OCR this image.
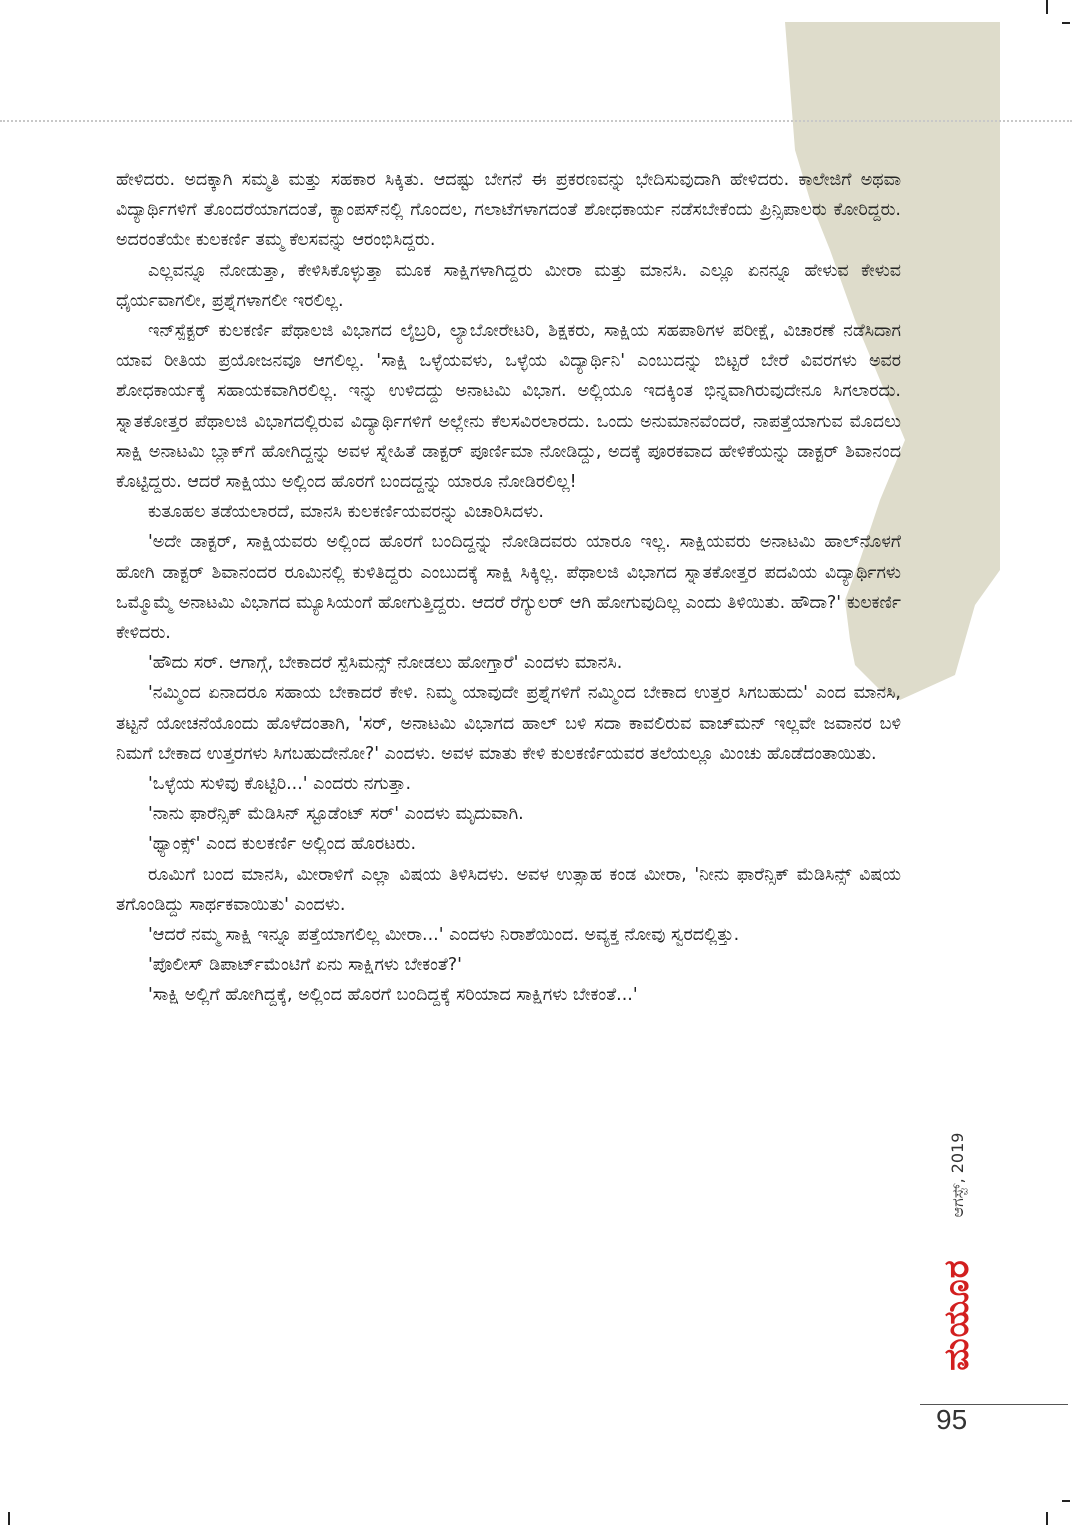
ಹೇಳಿದರು. ಅದಕ್ಕಾಗಿ ಸಮ್ಮತಿ ಮತ್ತು ಸಹಕಾರ ಸಿಕ್ಕಿತು. ಆದಷ್ಟು ಬೇಗನೆ ಈ ಪ್ರಕರಣವನ್ನು ಭೇದಿಸುವುದಾಗಿ ಹೇಳಿದರು. ಕಾಲೇಜಿಗೆ ಅಥವಾ ವಿದ್ಯಾರ್ಥಿಗಳಿಗೆ ತೊಂದರೆಯಾಗದಂತೆ, ಕ್ಯಾಂಪಸ್‌ನಲ್ಲಿ ಗೊಂದಲ, ಗಲಾಟೆಗಳಾಗದಂತೆ ಶೋಧಕಾರ್ಯ ನಡೆಸಬೇಕೆಂದು ಪ್ರಿನ್ಸಿಪಾಲರು ಕೋರಿದ್ದರು. ಅದರಂತೆಯೇ ಕುಲಕರ್ಣಿ ತಮ್ಮ ಕೆಲಸವನ್ನು ಆರಂಭಿಸಿದ್ದರು.

ಎಲ್ಲವನ್ನೂ ನೋಡುತ್ತಾ, ಕೇಳಿಸಿಕೊಳ್ಳುತ್ತಾ ಮೂಕ ಸಾಕ್ಷಿಗಳಾಗಿದ್ದರು ಮೀರಾ ಮತ್ತು ಮಾನಸಿ. ಎಲ್ಲೂ ಏನನ್ನೂ ಹೇಳುವ ಕೇಳುವ ಧೈರ್ಯವಾಗಲೀ, ಪ್ರಶ್ನೆಗಳಾಗಲೀ ಇರಲಿಲ್ಲ.

ಇನ್‌ಸ್ಪೆಕ್ಟರ್ ಕುಲಕರ್ಣಿ ಪೆಥಾಲಜಿ ವಿಭಾಗದ ಲೈಬ್ರರಿ, ಲ್ಯಾಬೋರೇಟರಿ, ಶಿಕ್ಷಕರು, ಸಾಕ್ಷಿಯ ಸಹಪಾಠಿಗಳ ಪರೀಕ್ಷೆ, ವಿಚಾರಣೆ ನಡೆಸಿದಾಗ ಯಾವ ರೀತಿಯ ಪ್ರಯೋಜನವೂ ಆಗಲಿಲ್ಲ. 'ಸಾಕ್ಷಿ ಒಳ್ಳೆಯವಳು, ಒಳ್ಳೆಯ ವಿದ್ಯಾರ್ಥಿನಿ' ಎಂಬುದನ್ನು ಬಿಟ್ಟರೆ ಬೇರೆ ವಿವರಗಳು ಅವರ ಶೋಧಕಾರ್ಯಕ್ಕೆ ಸಹಾಯಕವಾಗಿರಲಿಲ್ಲ. ಇನ್ನು ಉಳಿದದ್ದು ಅನಾಟಮಿ ವಿಭಾಗ. ಅಲ್ಲಿಯೂ ಇದಕ್ಕಿಂತ ಭಿನ್ನವಾಗಿರುವುದೇನೂ ಸಿಗಲಾರದು. ಸ್ನಾತಕೋತ್ತರ ಪೆಥಾಲಜಿ ವಿಭಾಗದಲ್ಲಿರುವ ವಿದ್ಯಾರ್ಥಿಗಳಿಗೆ ಅಲ್ಲೇನು ಕೆಲಸವಿರಲಾರದು. ಒಂದು ಅನುಮಾನವೆಂದರೆ, ನಾಪತ್ತೆಯಾಗುವ ಮೊದಲು ಸಾಕ್ಷಿ ಅನಾಟಮಿ ಬ್ಲಾಕ್‌ಗೆ ಹೋಗಿದ್ದನ್ನು ಅವಳ ಸ್ನೇಹಿತೆ ಡಾಕ್ಟರ್ ಪೂರ್ಣಿಮಾ ನೋಡಿದ್ದು, ಅದಕ್ಕೆ ಪೂರಕವಾದ ಹೇಳಿಕೆಯನ್ನು ಡಾಕ್ಟರ್ ಶಿವಾನಂದ ಕೊಟ್ಟಿದ್ದರು. ಆದರೆ ಸಾಕ್ಷಿಯು ಅಲ್ಲಿಂದ ಹೊರಗೆ ಬಂದದ್ದನ್ನು ಯಾರೂ ನೋಡಿರಲಿಲ್ಲ!

ಕುತೂಹಲ ತಡೆಯಲಾರದೆ, ಮಾನಸಿ ಕುಲಕರ್ಣಿಯವರನ್ನು ವಿಚಾರಿಸಿದಳು.

'ಅದೇ ಡಾಕ್ಟರ್, ಸಾಕ್ಷಿಯವರು ಅಲ್ಲಿಂದ ಹೊರಗೆ ಬಂದಿದ್ದನ್ನು ನೋಡಿದವರು ಯಾರೂ ಇಲ್ಲ. ಸಾಕ್ಷಿಯವರು ಅನಾಟಮಿ ಹಾಲ್‌ನೊಳಗೆ ಹೋಗಿ ಡಾಕ್ಟರ್ ಶಿವಾನಂದರ ರೂಮಿನಲ್ಲಿ ಕುಳಿತಿದ್ದರು ಎಂಬುದಕ್ಕೆ ಸಾಕ್ಷಿ ಸಿಕ್ಕಿಲ್ಲ. ಪೆಥಾಲಜಿ ವಿಭಾಗದ ಸ್ನಾತಕೋತ್ತರ ಪದವಿಯ ವಿದ್ಯಾರ್ಥಿಗಳು ಒಮ್ಮೊಮ್ಮೆ ಅನಾಟಮಿ ವಿಭಾಗದ ಮ್ಯೂಸಿಯಂಗೆ ಹೋಗುತ್ತಿದ್ದರು. ಆದರೆ ರೆಗ್ಯುಲರ್ ಆಗಿ ಹೋಗುವುದಿಲ್ಲ ಎಂದು ತಿಳಿಯಿತು. ಹೌದಾ?' ಕುಲಕರ್ಣಿ ಕೇಳಿದರು.

'ಹೌದು ಸರ್. ಆಗಾಗ್ಗೆ, ಬೇಕಾದರೆ ಸ್ಪೆಸಿಮನ್ಸ್ ನೋಡಲು ಹೋಗ್ತಾರೆ' ಎಂದಳು ಮಾನಸಿ.

'ನಮ್ಮಿಂದ ಏನಾದರೂ ಸಹಾಯ ಬೇಕಾದರೆ ಕೇಳಿ. ನಿಮ್ಮ ಯಾವುದೇ ಪ್ರಶ್ನೆಗಳಿಗೆ ನಮ್ಮಿಂದ ಬೇಕಾದ ಉತ್ತರ ಸಿಗಬಹುದು' ಎಂದ ಮಾನಸಿ, ತಟ್ಟನೆ ಯೋಚನೆಯೊಂದು ಹೊಳೆದಂತಾಗಿ, 'ಸರ್, ಅನಾಟಮಿ ವಿಭಾಗದ ಹಾಲ್ ಬಳಿ ಸದಾ ಕಾವಲಿರುವ ವಾಚ್‌ಮನ್ ಇಲ್ಲವೇ ಜವಾನರ ಬಳಿ ನಿಮಗೆ ಬೇಕಾದ ಉತ್ತರಗಳು ಸಿಗಬಹುದೇನೋ?' ಎಂದಳು. ಅವಳ ಮಾತು ಕೇಳಿ ಕುಲಕರ್ಣಿಯವರ ತಲೆಯಲ್ಲೂ ಮಿಂಚು ಹೊಡೆದಂತಾಯಿತು.

'ಒಳ್ಳೆಯ ಸುಳಿವು ಕೊಟ್ಟಿರಿ...' ಎಂದರು ನಗುತ್ತಾ.

'ನಾನು ಫಾರೆನ್ಸಿಕ್ ಮೆಡಿಸಿನ್ ಸ್ಟೂಡೆಂಟ್ ಸರ್' ಎಂದಳು ಮೃದುವಾಗಿ.

'ಥ್ಯಾಂಕ್ಸ್' ಎಂದ ಕುಲಕರ್ಣಿ ಅಲ್ಲಿಂದ ಹೊರಟರು.

ರೂಮಿಗೆ ಬಂದ ಮಾನಸಿ, ಮೀರಾಳಿಗೆ ಎಲ್ಲಾ ವಿಷಯ ತಿಳಿಸಿದಳು. ಅವಳ ಉತ್ಸಾಹ ಕಂಡ ಮೀರಾ, 'ನೀನು ಫಾರೆನ್ಸಿಕ್ ಮೆಡಿಸಿನ್ಸ್ ವಿಷಯ ತಗೊಂಡಿದ್ದು ಸಾರ್ಥಕವಾಯಿತು' ಎಂದಳು.

'ಆದರೆ ನಮ್ಮ ಸಾಕ್ಷಿ ಇನ್ನೂ ಪತ್ತೆಯಾಗಲಿಲ್ಲ ಮೀರಾ...' ಎಂದಳು ನಿರಾಶೆಯಿಂದ. ಅವ್ಯಕ್ತ ನೋವು ಸ್ವರದಲ್ಲಿತ್ತು.

'ಪೊಲೀಸ್ ಡಿಪಾರ್ಟ್‌ಮೆಂಟಿಗೆ ಏನು ಸಾಕ್ಷಿಗಳು ಬೇಕಂತೆ?'

'ಸಾಕ್ಷಿ ಅಲ್ಲಿಗೆ ಹೋಗಿದ್ದಕ್ಕೆ, ಅಲ್ಲಿಂದ ಹೊರಗೆ ಬಂದಿದ್ದಕ್ಕೆ ಸರಿಯಾದ ಸಾಕ್ಷಿಗಳು ಬೇಕಂತೆ...'

ಆಗಸ್ಟ್, 2019
ಮಯೂರ
95
